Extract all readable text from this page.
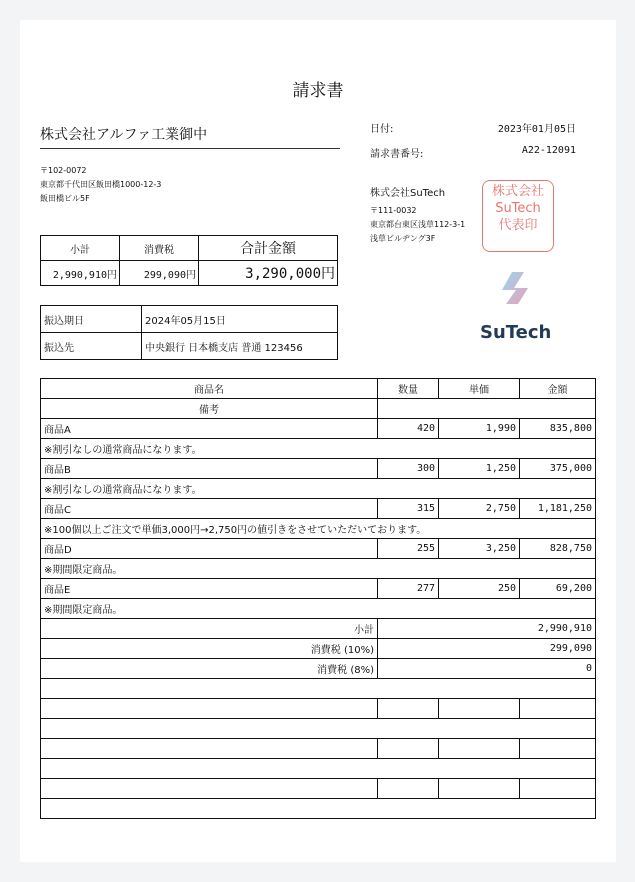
請求書
株式会社アルファ工業御中
〒102-0072
東京都千代田区飯田橋1000-12-3
飯田橋ビル5F
日付:	2023年01月05日
請求書番号:	A22-12091
株式会社SuTech
〒111-0032
東京都台東区浅草112-3-1
浅草ビルヂング3F
株式会社
SuTech
代表印
SuTech
小計	消費税	合計金額
2,990,910円	299,090円	3,290,000円
振込期日	2024年05月15日
振込先	中央銀行 日本橋支店 普通 123456
商品名	数量	単価	金額
備考			
商品A	420	1,990	835,800
※割引なしの通常商品になります。			
商品B	300	1,250	375,000
※割引なしの通常商品になります。			
商品C	315	2,750	1,181,250
※100個以上ご注文で単価3,000円→2,750円の値引きをさせていただいております。			
商品D	255	3,250	828,750
※期間限定商品。			
商品E	277	250	69,200
※期間限定商品。			
小計	2,990,910		
消費税 (10%)	299,090		
消費税 (8%)	0		
